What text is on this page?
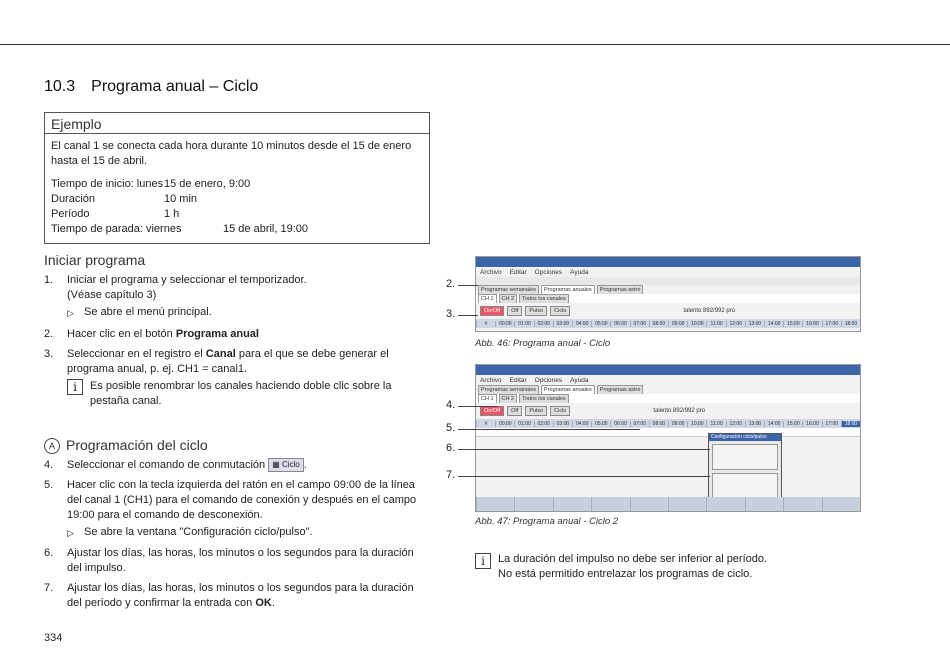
10.3 Programa anual – Ciclo
Ejemplo
El canal 1 se conecta cada hora durante 10 minutos desde el 15 de enero hasta el 15 de abril.
Tiempo de inicio: lunes 15 de enero, 9:00
Duración	10 min
Período	1 h
Tiempo de parada: viernes	15 de abril, 19:00
Iniciar programa
1.	Iniciar el programa y seleccionar el temporizador.
(Véase capítulo 3)
▷ Se abre el menú principal.
2.	Hacer clic en el botón Programa anual
3.	Seleccionar en el registro el Canal para el que se debe generar el programa anual, p. ej. CH1 = canal1.
i	Es posible renombrar los canales haciendo doble clic sobre la pestaña canal.
A Programación del ciclo
4.	Seleccionar el comando de conmutación ▦ Ciclo .
5.	Hacer clic con la tecla izquierda del ratón en el campo 09:00 de la línea del canal 1 (CH1) para el comando de conexión y después en el campo 19:00 para el comando de desconexión.
▷ Se abre la ventana "Configuración ciclo/pulso".
6.	Ajustar los días, las horas, los minutos o los segundos para la duración del impulso.
7.	Ajustar los días, las horas, los minutos o los segundos para la duración del período y confirmar la entrada con OK.
334
Archivo Editar Opciones Ayuda
Programas semanales	Programas anuales	Programas astro
CH 1	CH 2	Todos los canales
On/Off	Off	Pulso	Ciclo	talento 892/992 pro
#	00:00	01:00	02:00	03:00	04:00	05:00	06:00	07:00	08:00	09:00	10:00	11:00	12:00	13:00	14:00	15:00	16:00	17:00	18:00
2.
3.
Abb. 46: Programa anual - Ciclo
Archivo Editar Opciones Ayuda
Programas semanales	Programas anuales	Programas astro
CH 1	CH 2	Todos los canales
On/Off	Off	Pulso	Ciclo	talento 892/992 pro
#	00:00	01:00	02:00	03:00	04:00	05:00	06:00	07:00	08:00	09:00	10:00	11:00	12:00	13:00	14:00	15:00	16:00	17:00	18:00
Configuración ciclo/pulso
4.
5.
6.
7.
Abb. 47: Programa anual - Ciclo 2
i	La duración del impulso no debe ser inferior al período.
No está permitido entrelazar los programas de ciclo.
